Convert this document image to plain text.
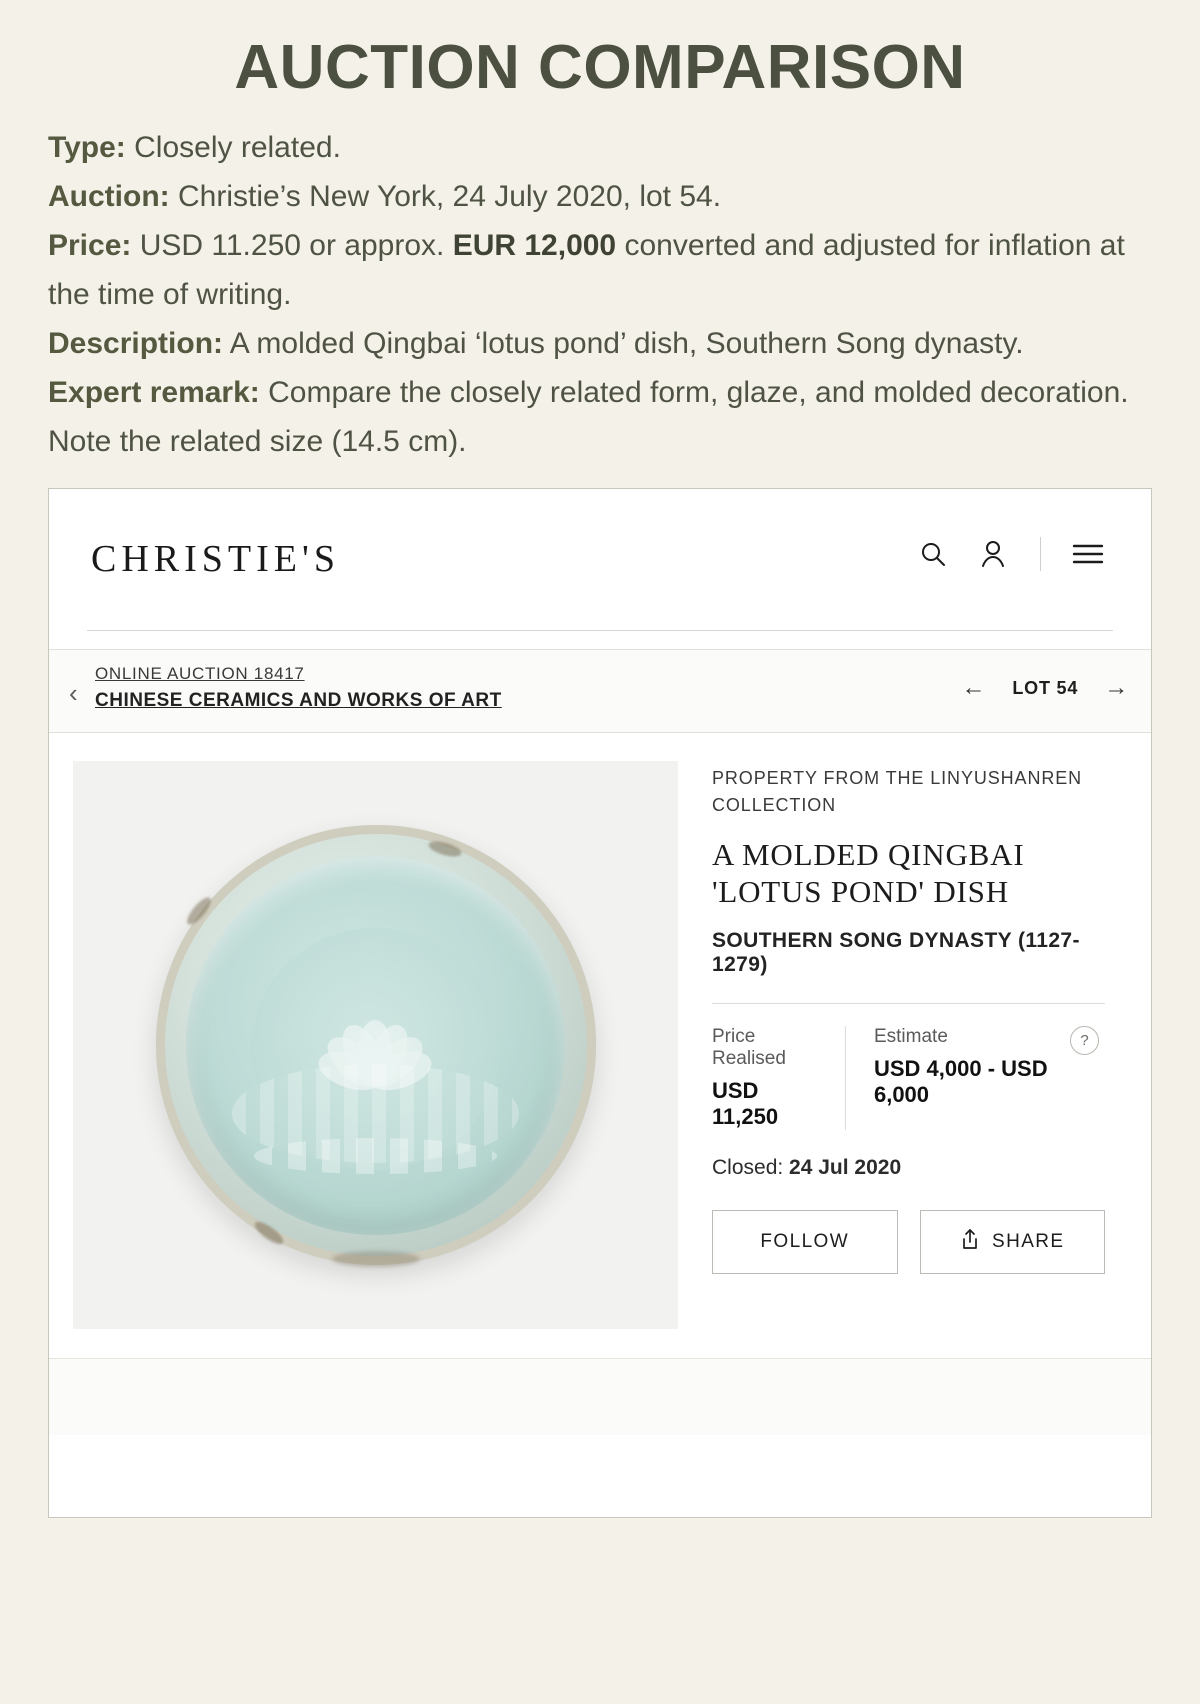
AUCTION COMPARISON

Type: Closely related.

Auction: Christie’s New York, 24 July 2020, lot 54.

Price: USD 11.250 or approx. EUR 12,000 converted and adjusted for inflation at the time of writing.

Description: A molded Qingbai ‘lotus pond’ dish, Southern Song dynasty.

Expert remark: Compare the closely related form, glaze, and molded decoration. Note the related size (14.5 cm).

CHRISTIE'S
‹
ONLINE AUCTION 18417
CHINESE CERAMICS AND WORKS OF ART	← LOT 54 →
PROPERTY FROM THE LINYUSHANREN COLLECTION
A MOLDED QINGBAI 'LOTUS POND' DISH
SOUTHERN SONG DYNASTY (1127-1279)
Price Realised
USD 11,250
Estimate
USD 4,000 - USD 6,000
?
Closed: 24 Jul 2020
FOLLOW	SHARE
